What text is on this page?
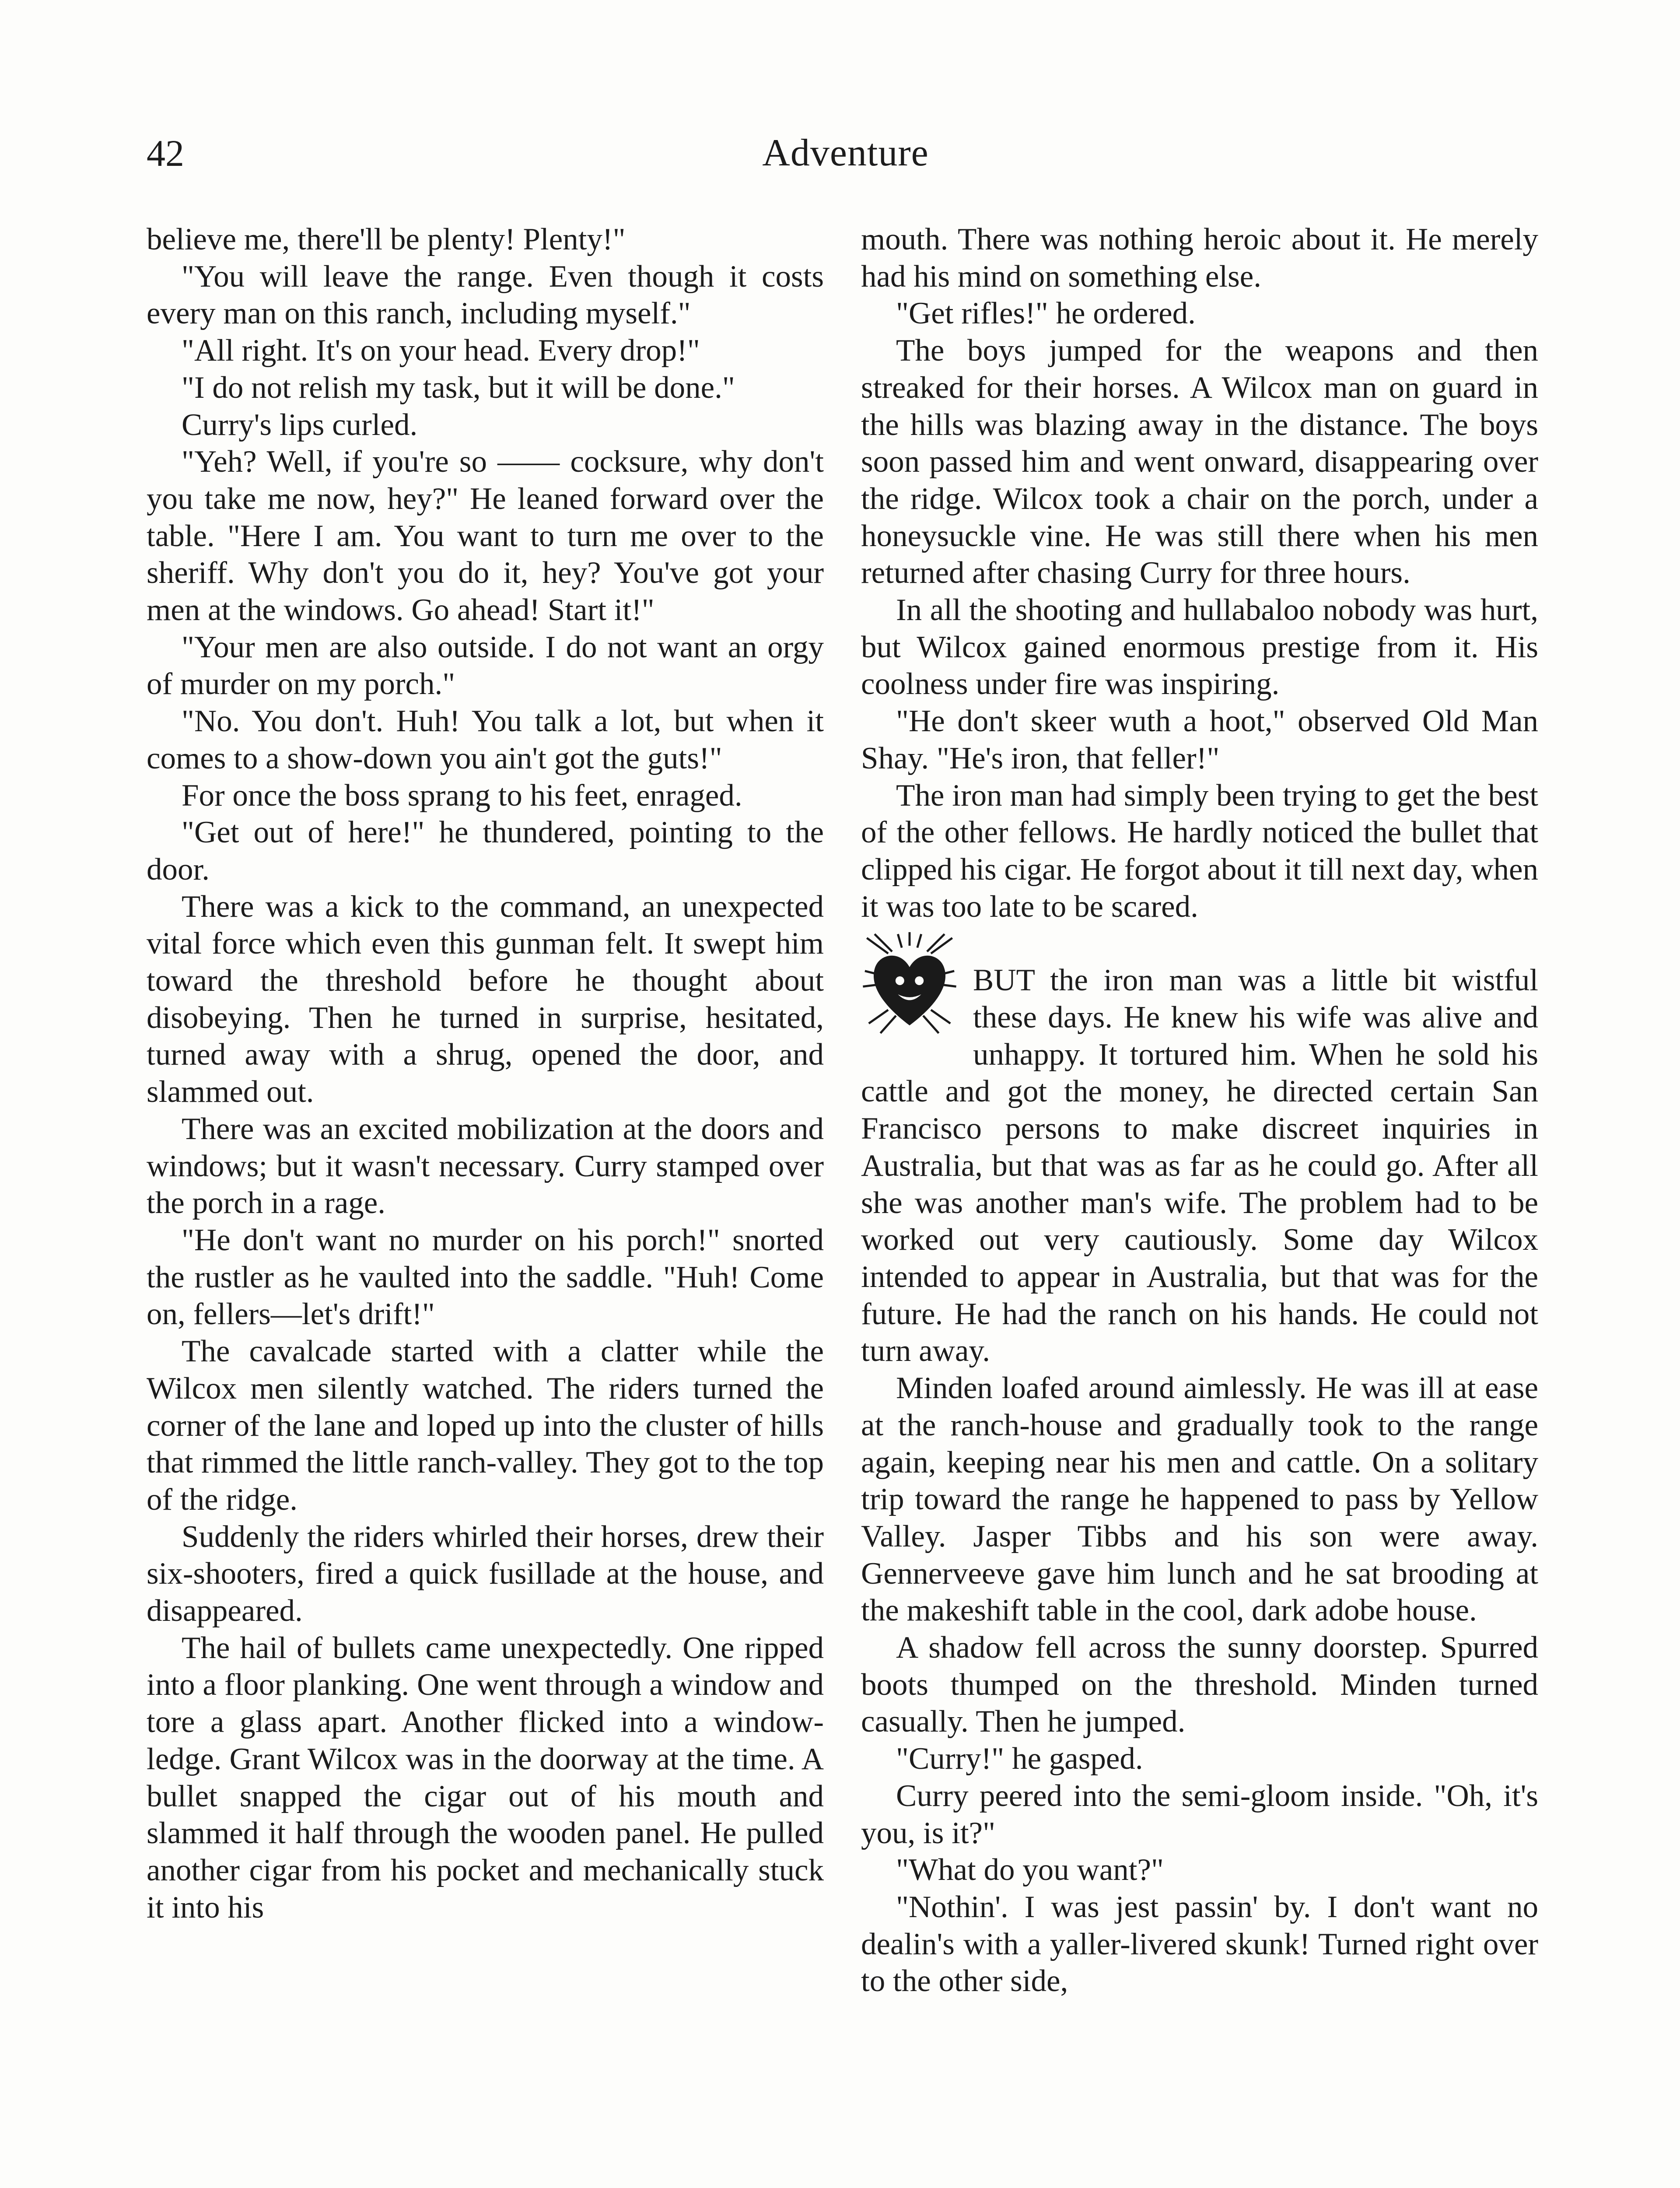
42	Adventure

believe me, there'll be plenty! Plenty!"

"You will leave the range. Even though it costs every man on this ranch, including myself."

"All right. It's on your head. Every drop!"

"I do not relish my task, but it will be done."

Curry's lips curled.

"Yeh? Well, if you're so —— cocksure, why don't you take me now, hey?" He leaned forward over the table. "Here I am. You want to turn me over to the sheriff. Why don't you do it, hey? You've got your men at the windows. Go ahead! Start it!"

"Your men are also outside. I do not want an orgy of murder on my porch."

"No. You don't. Huh! You talk a lot, but when it comes to a show-down you ain't got the guts!"

For once the boss sprang to his feet, enraged.

"Get out of here!" he thundered, pointing to the door.

There was a kick to the command, an unexpected vital force which even this gunman felt. It swept him toward the threshold before he thought about disobeying. Then he turned in surprise, hesitated, turned away with a shrug, opened the door, and slammed out.

There was an excited mobilization at the doors and windows; but it wasn't necessary. Curry stamped over the porch in a rage.

"He don't want no murder on his porch!" snorted the rustler as he vaulted into the saddle. "Huh! Come on, fellers—let's drift!"

The cavalcade started with a clatter while the Wilcox men silently watched. The riders turned the corner of the lane and loped up into the cluster of hills that rimmed the little ranch-valley. They got to the top of the ridge.

Suddenly the riders whirled their horses, drew their six-shooters, fired a quick fusillade at the house, and disappeared.

The hail of bullets came unexpectedly. One ripped into a floor planking. One went through a window and tore a glass apart. Another flicked into a window-ledge. Grant Wilcox was in the doorway at the time. A bullet snapped the cigar out of his mouth and slammed it half through the wooden panel. He pulled another cigar from his pocket and mechanically stuck it into his

mouth. There was nothing heroic about it. He merely had his mind on something else.

"Get rifles!" he ordered.

The boys jumped for the weapons and then streaked for their horses. A Wilcox man on guard in the hills was blazing away in the distance. The boys soon passed him and went onward, disappearing over the ridge. Wilcox took a chair on the porch, under a honeysuckle vine. He was still there when his men returned after chasing Curry for three hours.

In all the shooting and hullabaloo nobody was hurt, but Wilcox gained enormous prestige from it. His coolness under fire was inspiring.

"He don't skeer wuth a hoot," observed Old Man Shay. "He's iron, that feller!"

The iron man had simply been trying to get the best of the other fellows. He hardly noticed the bullet that clipped his cigar. He forgot about it till next day, when it was too late to be scared.

BUT the iron man was a little bit wistful these days. He knew his wife was alive and unhappy. It tortured him. When he sold his cattle and got the money, he directed certain San Francisco persons to make discreet inquiries in Australia, but that was as far as he could go. After all she was another man's wife. The problem had to be worked out very cautiously. Some day Wilcox intended to appear in Australia, but that was for the future. He had the ranch on his hands. He could not turn away.

Minden loafed around aimlessly. He was ill at ease at the ranch-house and gradually took to the range again, keeping near his men and cattle. On a solitary trip toward the range he happened to pass by Yellow Valley. Jasper Tibbs and his son were away. Gennerveeve gave him lunch and he sat brooding at the makeshift table in the cool, dark adobe house.

A shadow fell across the sunny doorstep. Spurred boots thumped on the threshold. Minden turned casually. Then he jumped.

"Curry!" he gasped.

Curry peered into the semi-gloom inside. "Oh, it's you, is it?"

"What do you want?"

"Nothin'. I was jest passin' by. I don't want no dealin's with a yaller-livered skunk! Turned right over to the other side,
